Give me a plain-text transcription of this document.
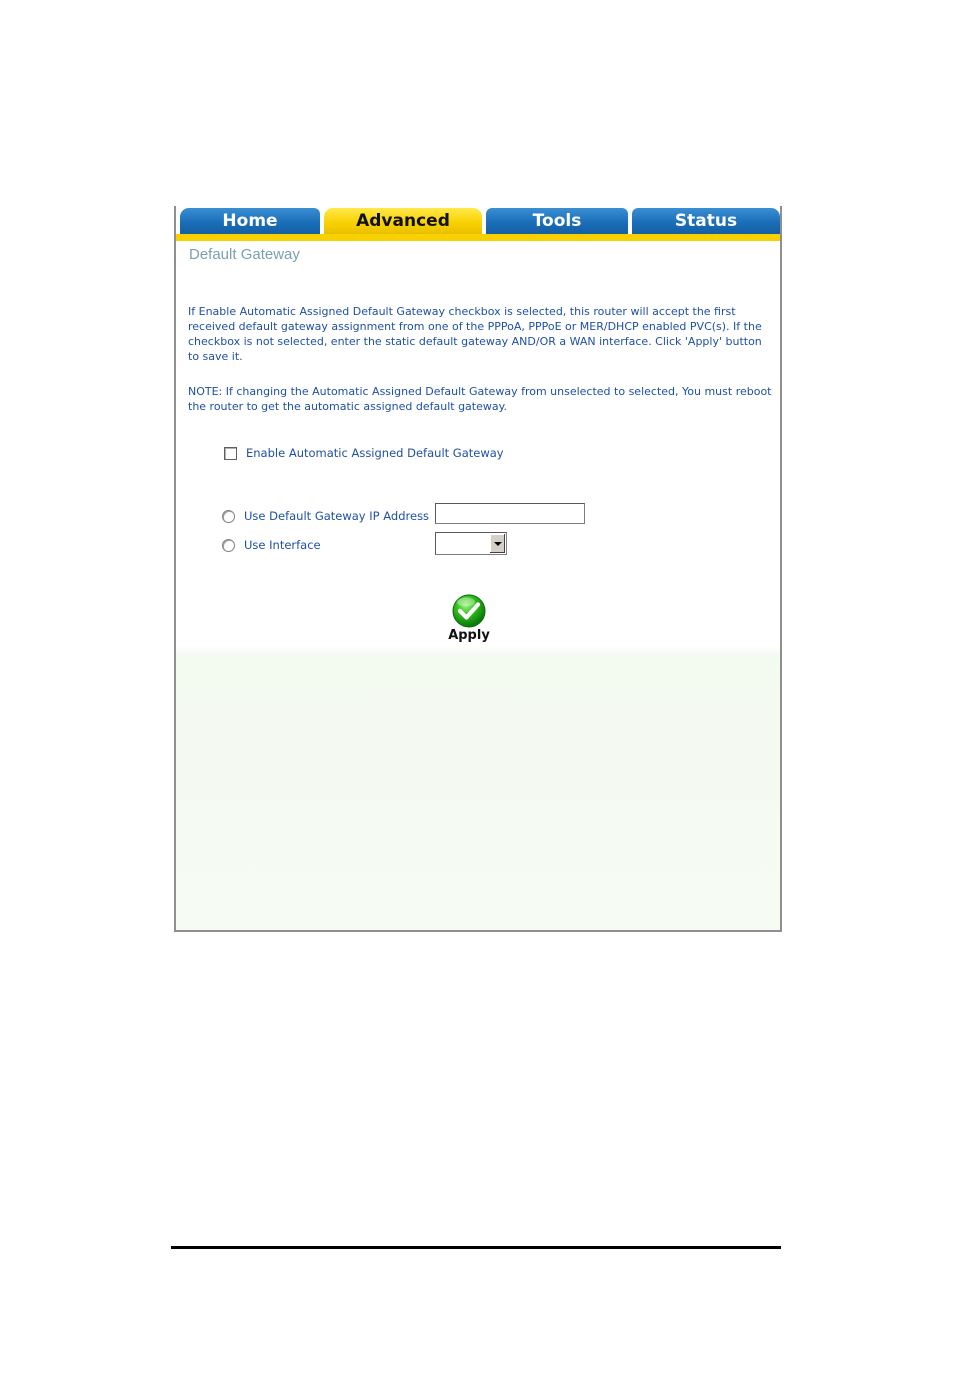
Home	Advanced	Tools	Status
Default Gateway
If Enable Automatic Assigned Default Gateway checkbox is selected, this router will accept the first received default gateway assignment from one of the PPPoA, PPPoE or MER/DHCP enabled PVC(s). If the checkbox is not selected, enter the static default gateway AND/OR a WAN interface. Click 'Apply' button to save it.
NOTE: If changing the Automatic Assigned Default Gateway from unselected to selected, You must reboot the router to get the automatic assigned default gateway.
Enable Automatic Assigned Default Gateway
Use Default Gateway IP Address
Use Interface
Apply
